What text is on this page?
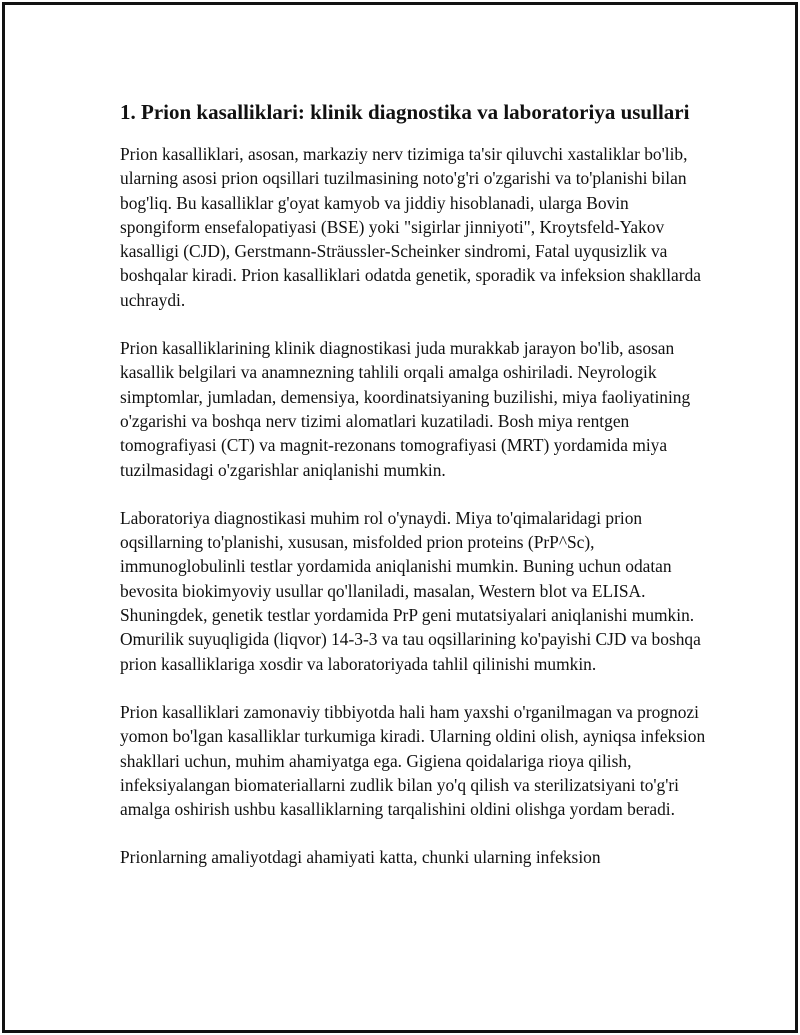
1. Prion kasalliklari: klinik diagnostika va laboratoriya usullari

Prion kasalliklari, asosan, markaziy nerv tizimiga ta'sir qiluvchi xastaliklar bo'lib, ularning asosi prion oqsillari tuzilmasining noto'g'ri o'zgarishi va to'planishi bilan bog'liq. Bu kasalliklar g'oyat kamyob va jiddiy hisoblanadi, ularga Bovin spongiform ensefalopatiyasi (BSE) yoki "sigirlar jinniyoti", Kroytsfeld-Yakov kasalligi (CJD), Gerstmann-Sträussler-Scheinker sindromi, Fatal uyqusizlik va boshqalar kiradi. Prion kasalliklari odatda genetik, sporadik va infeksion shakllarda uchraydi.

Prion kasalliklarining klinik diagnostikasi juda murakkab jarayon bo'lib, asosan kasallik belgilari va anamnezning tahlili orqali amalga oshiriladi. Neyrologik simptomlar, jumladan, demensiya, koordinatsiyaning buzilishi, miya faoliyatining o'zgarishi va boshqa nerv tizimi alomatlari kuzatiladi. Bosh miya rentgen tomografiyasi (CT) va magnit-rezonans tomografiyasi (MRT) yordamida miya tuzilmasidagi o'zgarishlar aniqlanishi mumkin.

Laboratoriya diagnostikasi muhim rol o'ynaydi. Miya to'qimalaridagi prion oqsillarning to'planishi, xususan, misfolded prion proteins (PrP^Sc), immunoglobulinli testlar yordamida aniqlanishi mumkin. Buning uchun odatan bevosita biokimyoviy usullar qo'llaniladi, masalan, Western blot va ELISA. Shuningdek, genetik testlar yordamida PrP geni mutatsiyalari aniqlanishi mumkin. Omurilik suyuqligida (liqvor) 14-3-3 va tau oqsillarining ko'payishi CJD va boshqa prion kasalliklariga xosdir va laboratoriyada tahlil qilinishi mumkin.

Prion kasalliklari zamonaviy tibbiyotda hali ham yaxshi o'rganilmagan va prognozi yomon bo'lgan kasalliklar turkumiga kiradi. Ularning oldini olish, ayniqsa infeksion shakllari uchun, muhim ahamiyatga ega. Gigiena qoidalariga rioya qilish, infeksiyalangan biomateriallarni zudlik bilan yo'q qilish va sterilizatsiyani to'g'ri amalga oshirish ushbu kasalliklarning tarqalishini oldini olishga yordam beradi.

Prionlarning amaliyotdagi ahamiyati katta, chunki ularning infeksion
